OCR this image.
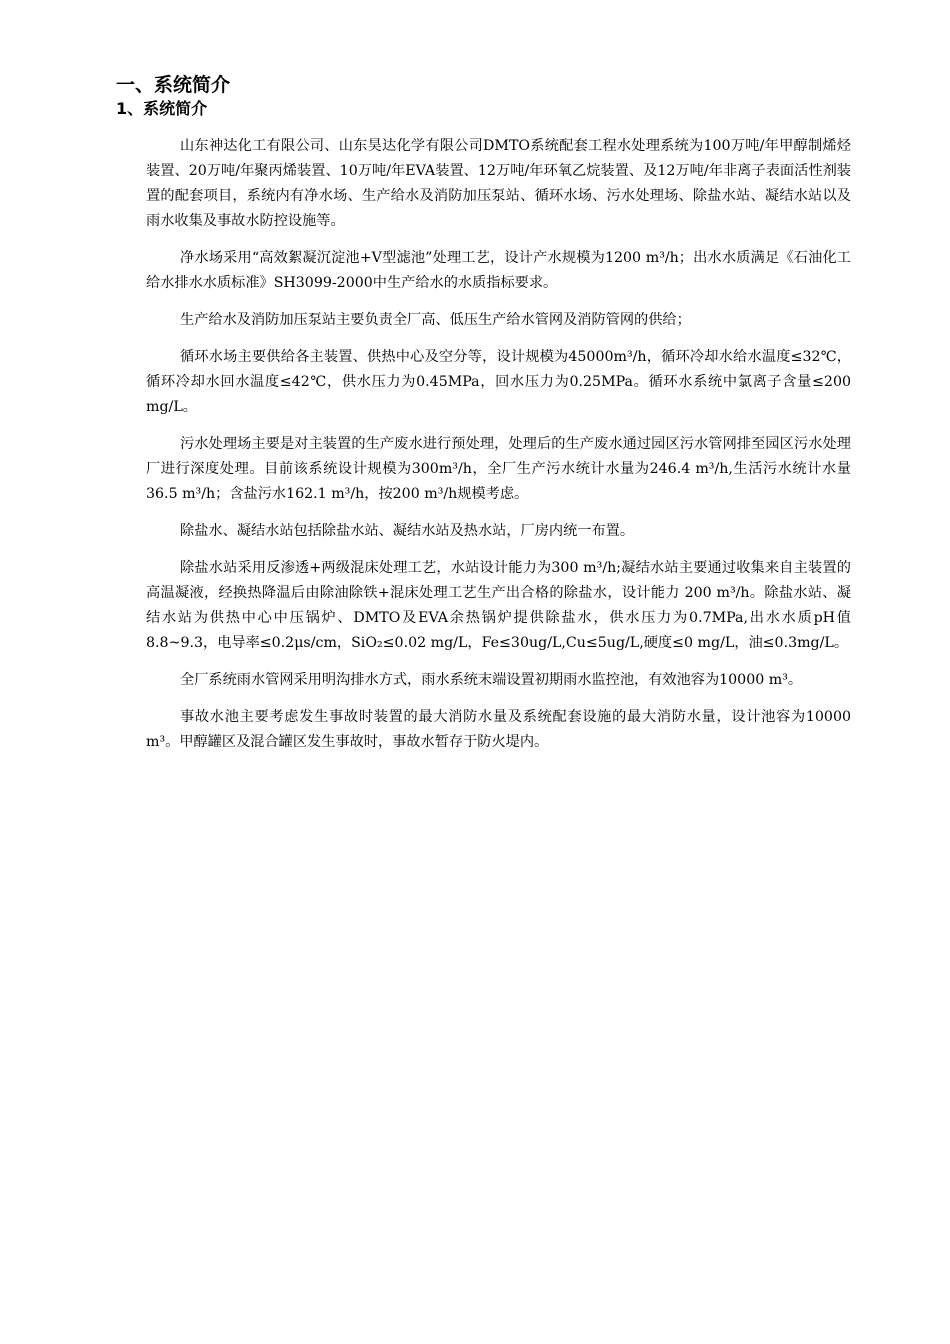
一、系统简介
1、系统简介

山东神达化工有限公司、山东昊达化学有限公司DMTO系统配套工程水处理系统为100万吨/年甲醇制烯烃装置、20万吨/年聚丙烯装置、10万吨/年EVA装置、12万吨/年环氧乙烷装置、及12万吨/年非离子表面活性剂装置的配套项目，系统内有净水场、生产给水及消防加压泵站、循环水场、污水处理场、除盐水站、凝结水站以及雨水收集及事故水防控设施等。

净水场采用“高效絮凝沉淀池+V型滤池”处理工艺，设计产水规模为1200 m³/h；出水水质满足《石油化工给水排水水质标准》SH3099-2000中生产给水的水质指标要求。

生产给水及消防加压泵站主要负责全厂高、低压生产给水管网及消防管网的供给；

循环水场主要供给各主装置、供热中心及空分等，设计规模为45000m³/h，循环冷却水给水温度≤32℃，循环冷却水回水温度≤42℃，供水压力为0.45MPa，回水压力为0.25MPa。循环水系统中氯离子含量≤200 mg/L。

污水处理场主要是对主装置的生产废水进行预处理，处理后的生产废水通过园区污水管网排至园区污水处理厂进行深度处理。目前该系统设计规模为300m³/h，全厂生产污水统计水量为246.4 m³/h,生活污水统计水量36.5 m³/h；含盐污水162.1 m³/h，按200 m³/h规模考虑。

除盐水、凝结水站包括除盐水站、凝结水站及热水站，厂房内统一布置。

除盐水站采用反渗透+两级混床处理工艺，水站设计能力为300 m³/h;凝结水站主要通过收集来自主装置的高温凝液，经换热降温后由除油除铁+混床处理工艺生产出合格的除盐水，设计能力 200 m³/h。除盐水站、凝结水站为供热中心中压锅炉、DMTO及EVA余热锅炉提供除盐水，供水压力为0.7MPa,出水水质pH值8.8~9.3，电导率≤0.2μs/cm，SiO₂≤0.02 mg/L，Fe≤30ug/L,Cu≤5ug/L,硬度≤0 mg/L，油≤0.3mg/L。

全厂系统雨水管网采用明沟排水方式，雨水系统末端设置初期雨水监控池，有效池容为10000 m³。

事故水池主要考虑发生事故时装置的最大消防水量及系统配套设施的最大消防水量，设计池容为10000 m³。甲醇罐区及混合罐区发生事故时，事故水暂存于防火堤内。
